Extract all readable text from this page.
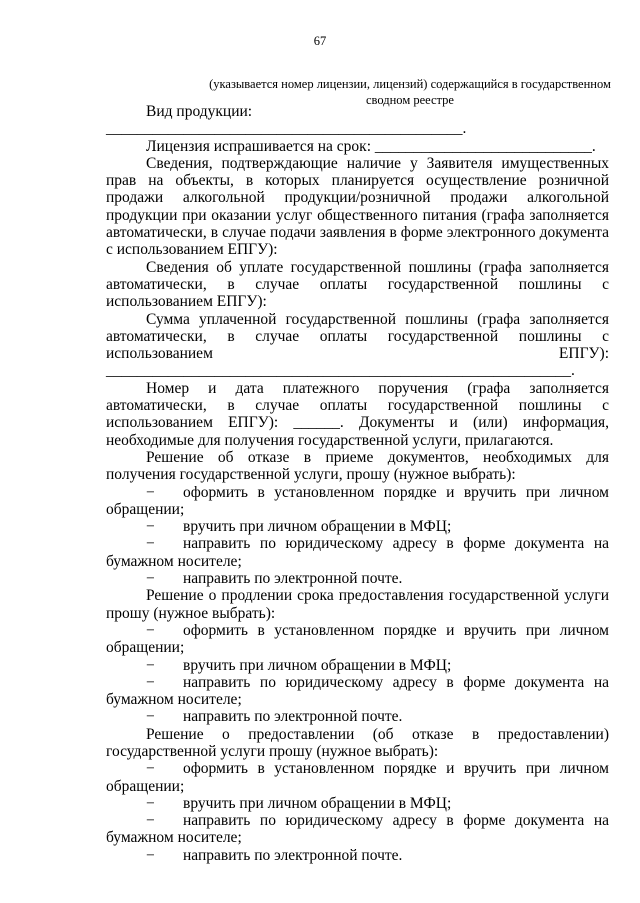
67
(указывается номер лицензии, лицензий) содержащийся в государственном сводном реестре

Вид продукции: ______________________________________________.

Лицензия испрашивается на срок: ____________________________.

Сведения, подтверждающие наличие у Заявителя имущественных прав на объекты, в которых планируется осуществление розничной продажи алкогольной продукции/розничной продажи алкогольной продукции при оказании услуг общественного питания (графа заполняется автоматически, в случае подачи заявления в форме электронного документа с использованием ЕПГУ):

Сведения об уплате государственной пошлины (графа заполняется автоматически, в случае оплаты государственной пошлины с использованием ЕПГУ):

Сумма уплаченной государственной пошлины (графа заполняется автоматически, в случае оплаты государственной пошлины с использованием ЕПГУ): ____________________________________________________________.

Номер и дата платежного поручения (графа заполняется автоматически, в случае оплаты государственной пошлины с использованием ЕПГУ): ______. Документы и (или) информация, необходимые для получения государственной услуги, прилагаются.

Решение об отказе в приеме документов, необходимых для получения государственной услуги, прошу (нужное выбрать):

− оформить в установленном порядке и вручить при личном обращении;

− вручить при личном обращении в МФЦ;

− направить по юридическому адресу в форме документа на бумажном носителе;

− направить по электронной почте.

Решение о продлении срока предоставления государственной услуги прошу (нужное выбрать):

− оформить в установленном порядке и вручить при личном обращении;

− вручить при личном обращении в МФЦ;

− направить по юридическому адресу в форме документа на бумажном носителе;

− направить по электронной почте.

Решение о предоставлении (об отказе в предоставлении) государственной услуги прошу (нужное выбрать):

− оформить в установленном порядке и вручить при личном обращении;

− вручить при личном обращении в МФЦ;

− направить по юридическому адресу в форме документа на бумажном носителе;

− направить по электронной почте.
